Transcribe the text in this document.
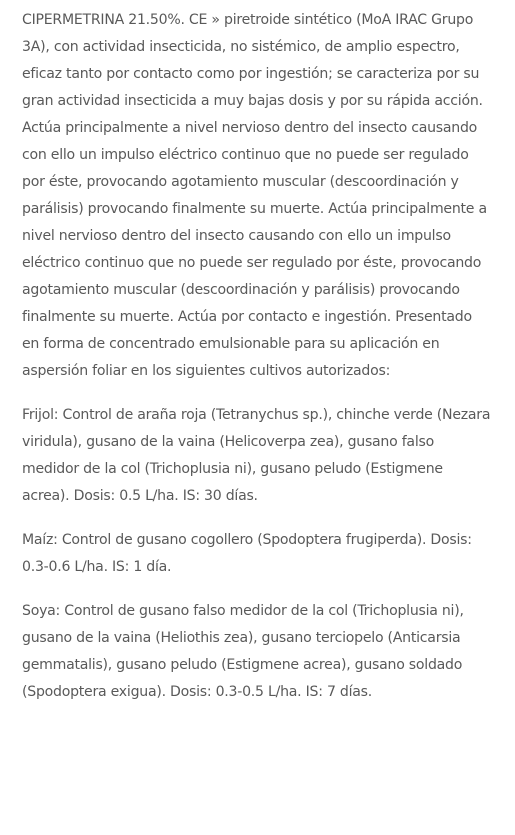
CIPERMETRINA 21.50%. CE » piretroide sintético (MoA IRAC Grupo 3A), con actividad insecticida, no sistémico, de amplio espectro, eficaz tanto por contacto como por ingestión; se caracteriza por su gran actividad insecticida a muy bajas dosis y por su rápida acción. Actúa principalmente a nivel nervioso dentro del insecto causando con ello un impulso eléctrico continuo que no puede ser regulado por éste, provocando agotamiento muscular (descoordinación y parálisis) provocando finalmente su muerte. Actúa principalmente a nivel nervioso dentro del insecto causando con ello un impulso eléctrico continuo que no puede ser regulado por éste, provocando agotamiento muscular (descoordinación y parálisis) provocando finalmente su muerte. Actúa por contacto e ingestión. Presentado en forma de concentrado emulsionable para su aplicación en aspersión foliar en los siguientes cultivos autorizados:

Frijol: Control de araña roja (Tetranychus sp.), chinche verde (Nezara viridula), gusano de la vaina (Helicoverpa zea), gusano falso medidor de la col (Trichoplusia ni), gusano peludo (Estigmene acrea). Dosis: 0.5 L/ha. IS: 30 días.

Maíz: Control de gusano cogollero (Spodoptera frugiperda). Dosis: 0.3-0.6 L/ha. IS: 1 día.

Soya: Control de gusano falso medidor de la col (Trichoplusia ni), gusano de la vaina (Heliothis zea), gusano terciopelo (Anticarsia gemmatalis), gusano peludo (Estigmene acrea), gusano soldado (Spodoptera exigua). Dosis: 0.3-0.5 L/ha. IS: 7 días.
